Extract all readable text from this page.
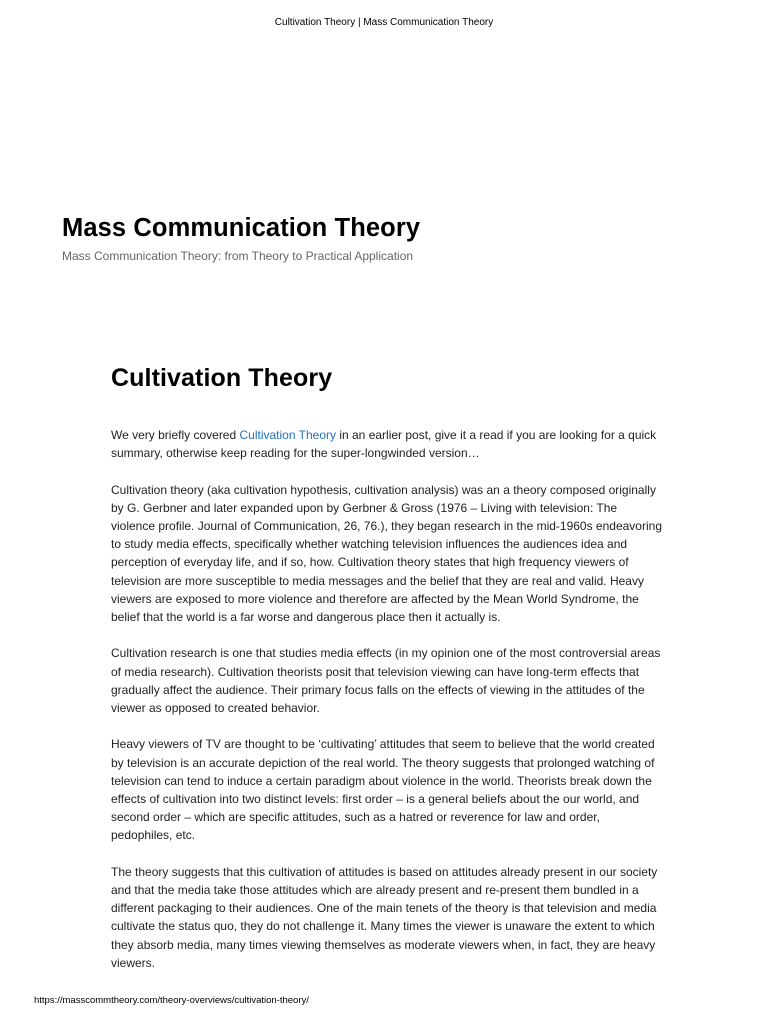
Cultivation Theory | Mass Communication Theory
Mass Communication Theory

Mass Communication Theory: from Theory to Practical Application

Cultivation Theory

We very briefly covered Cultivation Theory in an earlier post, give it a read if you are looking for a quick summary, otherwise keep reading for the super-longwinded version…

Cultivation theory (aka cultivation hypothesis, cultivation analysis) was an a theory composed originally by G. Gerbner and later expanded upon by Gerbner & Gross (1976 – Living with television: The violence profile. Journal of Communication, 26, 76.), they began research in the mid-1960s endeavoring to study media effects, specifically whether watching television influences the audiences idea and perception of everyday life, and if so, how. Cultivation theory states that high frequency viewers of television are more susceptible to media messages and the belief that they are real and valid. Heavy viewers are exposed to more violence and therefore are affected by the Mean World Syndrome, the belief that the world is a far worse and dangerous place then it actually is.

Cultivation research is one that studies media effects (in my opinion one of the most controversial areas of media research). Cultivation theorists posit that television viewing can have long-term effects that gradually affect the audience. Their primary focus falls on the effects of viewing in the attitudes of the viewer as opposed to created behavior.

Heavy viewers of TV are thought to be ‘cultivating’ attitudes that seem to believe that the world created by television is an accurate depiction of the real world. The theory suggests that prolonged watching of television can tend to induce a certain paradigm about violence in the world. Theorists break down the effects of cultivation into two distinct levels: first order – is a general beliefs about the our world, and second order – which are specific attitudes, such as a hatred or reverence for law and order, pedophiles, etc.

The theory suggests that this cultivation of attitudes is based on attitudes already present in our society and that the media take those attitudes which are already present and re-present them bundled in a different packaging to their audiences. One of the main tenets of the theory is that television and media cultivate the status quo, they do not challenge it. Many times the viewer is unaware the extent to which they absorb media, many times viewing themselves as moderate viewers when, in fact, they are heavy viewers.

https://masscommtheory.com/theory-overviews/cultivation-theory/
